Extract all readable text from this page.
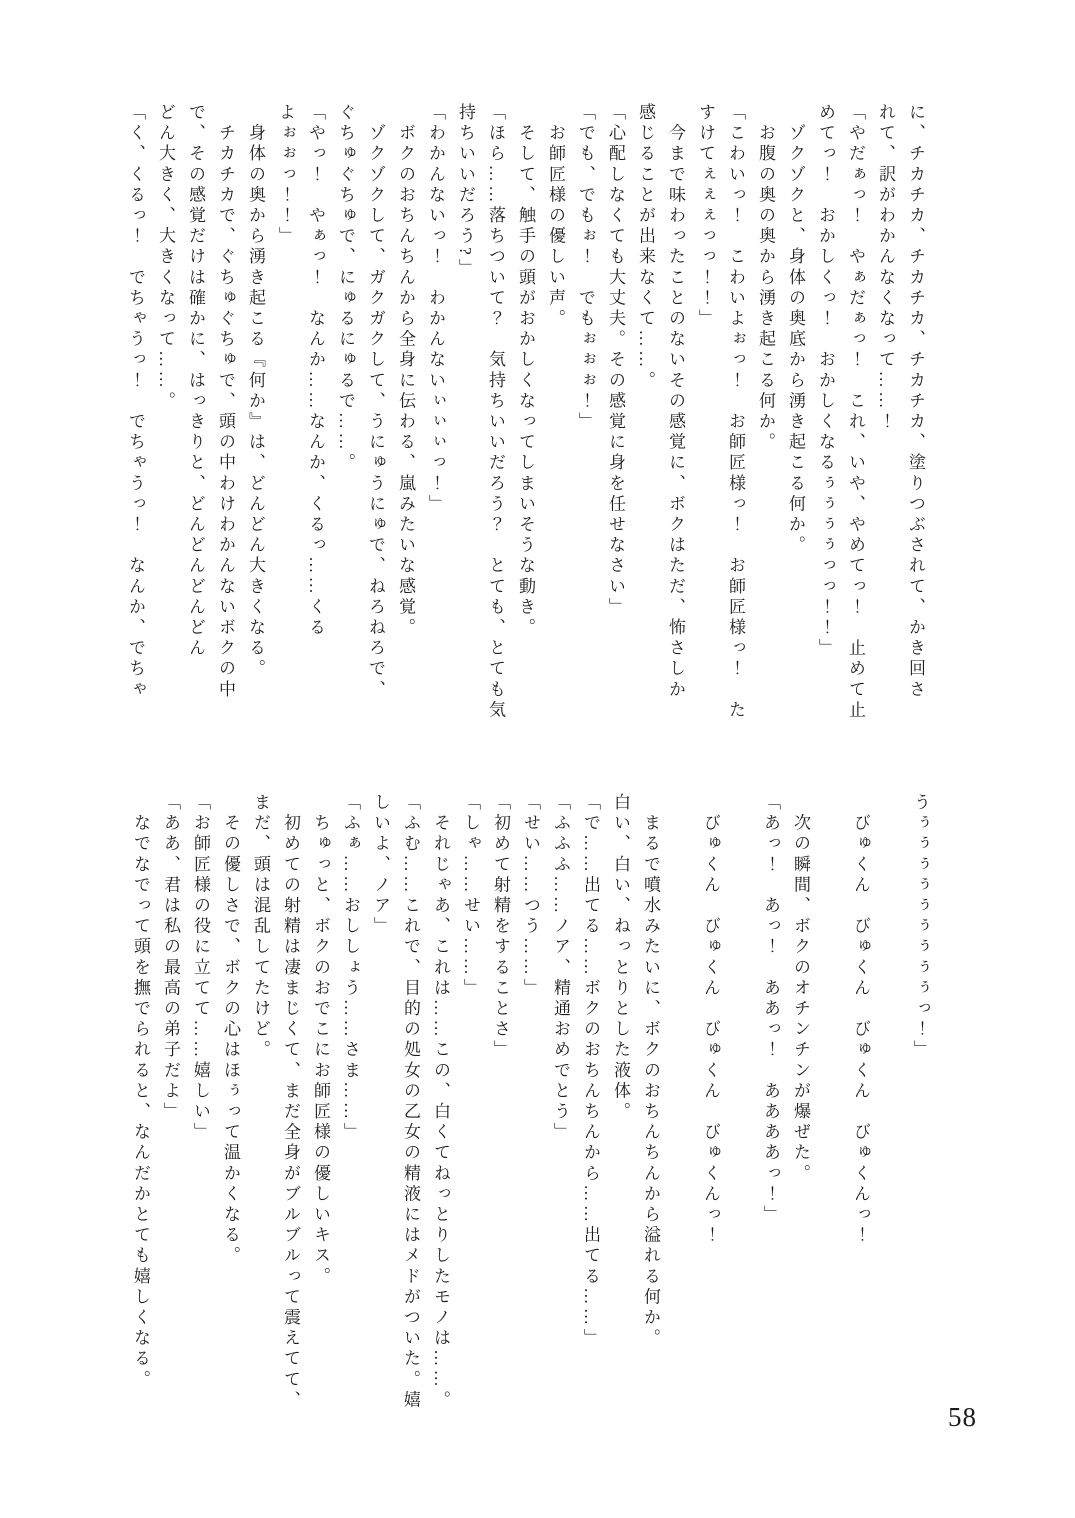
に、チカチカ、チカチカ、チカチカ、塗りつぶされて、かき回さ

れて、訳がわかんなくなって……！

「やだぁっ！　やぁだぁっ！　これ、いや、やめてっ！　止めて止

めてっ！　おかしくっ！　おかしくなるぅぅぅぅっっ！！」

　ゾクゾクと、身体の奥底から湧き起こる何か。

　お腹の奥の奥から湧き起こる何か。

「こわいっ！　こわいよぉっ！　お師匠様っ！　お師匠様っ！　た

すけてぇぇぇっっ！！」

　今まで味わったことのないその感覚に、ボクはただ、怖さしか

感じることが出来なくて……。

「心配しなくても大丈夫。その感覚に身を任せなさい」

「でも、でもぉ！　でもぉぉぉ！」

　お師匠様の優しい声。

　そして、触手の頭がおかしくなってしまいそうな動き。

「ほら……落ちついて？　気持ちいいだろう？　とても、とても気

持ちいいだろう?」

「わかんないっ！　わかんないぃぃぃっ！」

　ボクのおちんちんから全身に伝わる、嵐みたいな感覚。

　ゾクゾクして、ガクガクして、うにゅうにゅで、ねろねろで、

ぐちゅぐちゅで、にゅるにゅるで……。

「やっ！　やぁっ！　なんか……なんか、くるっ……くる

よぉぉっ！！」

　身体の奥から湧き起こる『何か』は、どんどん大きくなる。

　チカチカで、ぐちゅぐちゅで、頭の中わけわかんないボクの中

で、その感覚だけは確かに、はっきりと、どんどんどんどん

どん大きく、大きくなって……。

「く、くるっ！　でちゃうっ！　でちゃうっ！　なんか、でちゃ

うぅぅぅぅぅぅぅぅぅっ！」

　びゅくん　びゅくん　びゅくん　びゅくんっ！

　次の瞬間、ボクのオチンチンが爆ぜた。

「あっ！　あっ！　ああっ！　ああああっ！」

　びゅくん　びゅくん　びゅくん　びゅくんっ！

　まるで噴水みたいに、ボクのおちんちんから溢れる何か。

白い、白い、ねっとりとした液体。

「で……出てる……ボクのおちんちんから……出てる……」

「ふふふ……ノア、精通おめでとう」

「せい……つう……」

「初めて射精をすることさ」

「しゃ……せい……」

　それじゃあ、これは……この、白くてねっとりしたモノは……。

「ふむ……これで、目的の処女の乙女の精液にはメドがついた。嬉

しいよ、ノア」

「ふぁ……おししょう……さま……」

　ちゅっと、ボクのおでこにお師匠様の優しいキス。

　初めての射精は凄まじくて、まだ全身がブルブルって震えてて、

まだ、頭は混乱してたけど。

　その優しさで、ボクの心はほぅって温かくなる。

「お師匠様の役に立てて……嬉しい」

「ああ、君は私の最高の弟子だよ」

　なでなでって頭を撫でられると、なんだかとても嬉しくなる。

58
